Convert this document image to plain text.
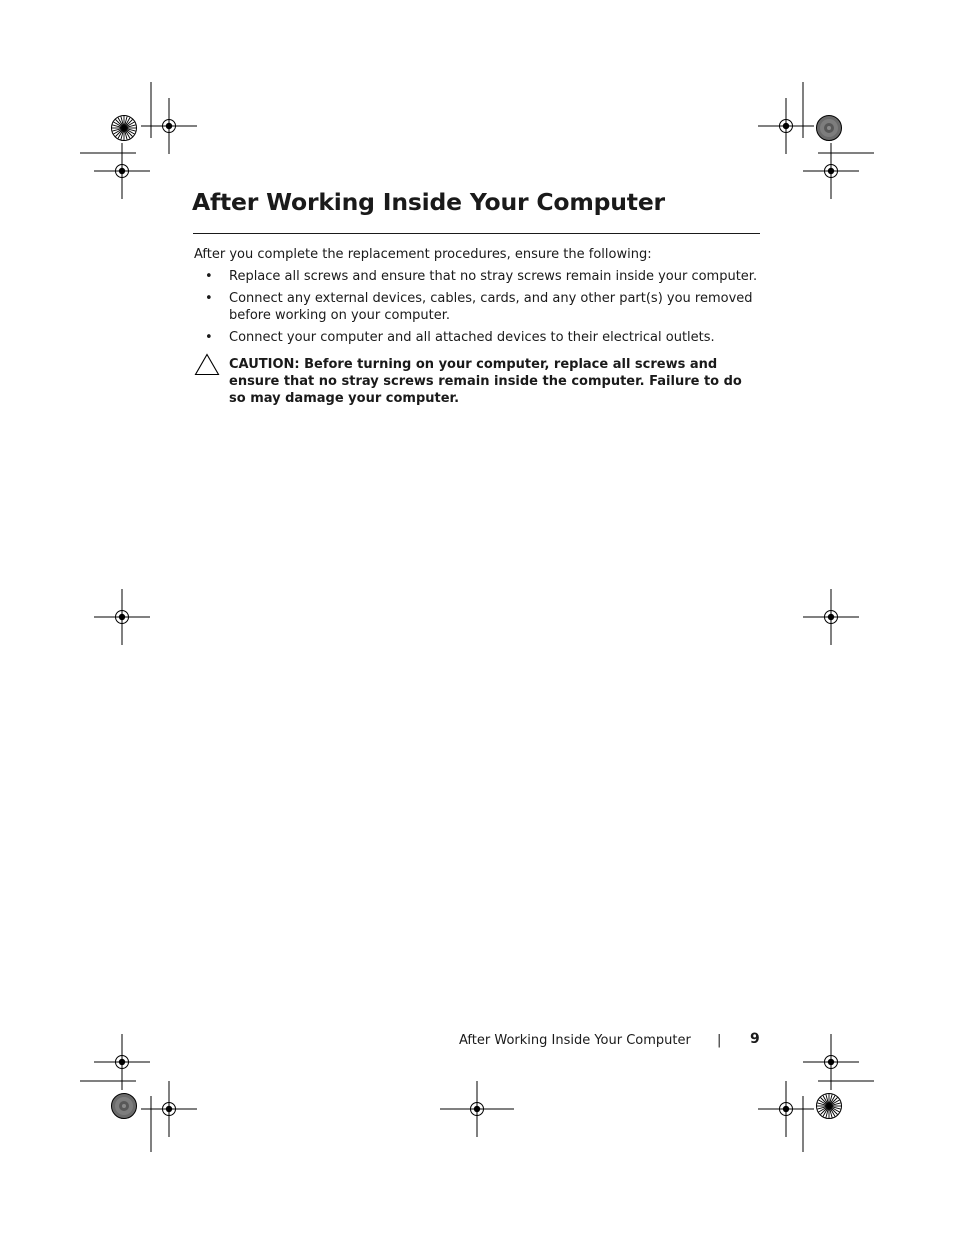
After Working Inside Your Computer

After you complete the replacement procedures, ensure the following:

• Replace all screws and ensure that no stray screws remain inside your computer.
• Connect any external devices, cables, cards, and any other part(s) you removed before working on your computer.
• Connect your computer and all attached devices to their electrical outlets.

CAUTION: Before turning on your computer, replace all screws and ensure that no stray screws remain inside the computer. Failure to do so may damage your computer.

After Working Inside Your Computer | 9
